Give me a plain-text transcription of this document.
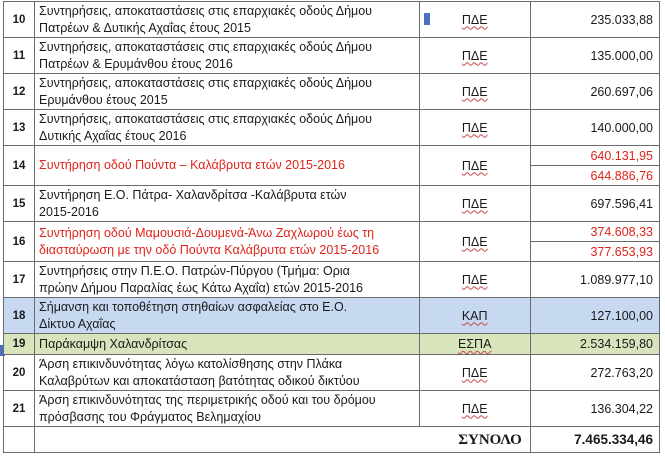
10	Συντηρήσεις, αποκαταστάσεις στις επαρχιακές οδούς Δήμου
Πατρέων & Δυτικής Αχαΐας έτους 2015	ΠΔΕ	235.033,88
11	Συντηρήσεις, αποκαταστάσεις στις επαρχιακές οδούς Δήμου
Πατρέων & Ερυμάνθου έτους 2016	ΠΔΕ	135.000,00
12	Συντηρήσεις, αποκαταστάσεις στις επαρχιακές οδούς Δήμου
Ερυμάνθου έτους 2015	ΠΔΕ	260.697,06
13	Συντηρήσεις, αποκαταστάσεις στις επαρχιακές οδούς Δήμου
Δυτικής Αχαΐας έτους 2016	ΠΔΕ	140.000,00
14	Συντήρηση οδού Πούντα – Καλάβρυτα ετών 2015-2016	ΠΔΕ	640.131,95
			644.886,76
15	Συντήρηση Ε.Ο. Πάτρα- Χαλανδρίτσα -Καλάβρυτα ετών
2015-2016	ΠΔΕ	697.596,41
16	Συντήρηση οδού Μαμουσιά-Δουμενά-Άνω Ζαχλωρού έως τη
διασταύρωση με την οδό Πούντα Καλάβρυτα ετών 2015-2016	ΠΔΕ	374.608,33
			377.653,93
17	Συντηρήσεις στην Π.Ε.Ο. Πατρών-Πύργου (Τμήμα: Ορια
πρώην Δήμου Παραλίας έως Κάτω Αχαΐα) ετών 2015-2016	ΠΔΕ	1.089.977,10
18	Σήμανση και τοποθέτηση στηθαίων ασφαλείας στο Ε.Ο.
Δίκτυο Αχαΐας	ΚΑΠ	127.100,00
19	Παράκαμψη Χαλανδρίτσας	ΕΣΠΑ	2.534.159,80
20	Άρση επικινδυνότητας λόγω κατολίσθησης στην Πλάκα
Καλαβρύτων και αποκατάσταση βατότητας οδικού δικτύου	ΠΔΕ	272.763,20
21	Άρση επικινδυνότητας της περιμετρικής οδού και του δρόμου
πρόσβασης του Φράγματος Βελημαχίου	ΠΔΕ	136.304,22
	ΣΥΝΟΛΟ		7.465.334,46
